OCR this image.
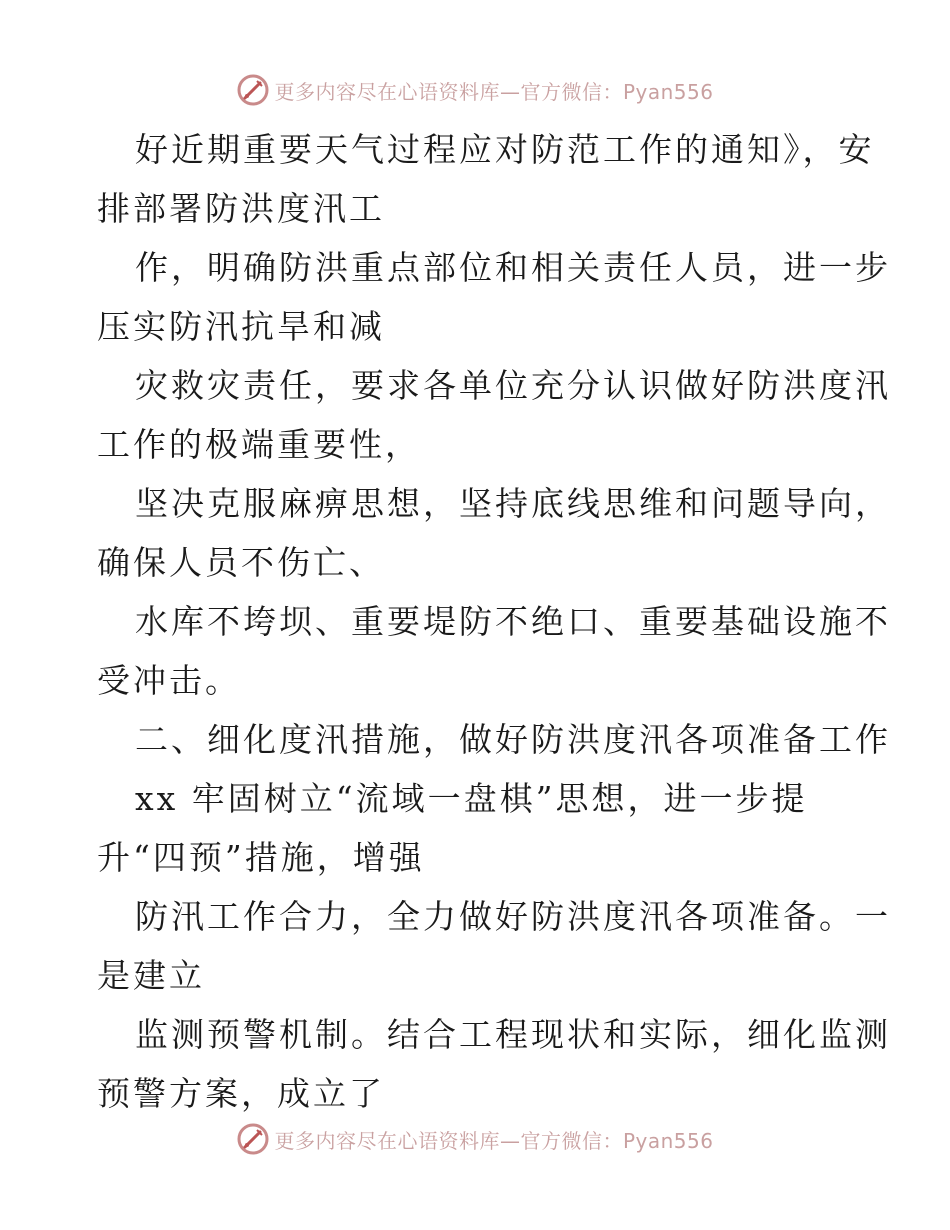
更多内容尽在心语资料库—官方微信：Pyan556
好近期重要天气过程应对防范工作的通知》，安
排部署防洪度汛工
作，明确防洪重点部位和相关责任人员，进一步
压实防汛抗旱和减
灾救灾责任，要求各单位充分认识做好防洪度汛
工作的极端重要性，
坚决克服麻痹思想，坚持底线思维和问题导向，
确保人员不伤亡、
水库不垮坝、重要堤防不绝口、重要基础设施不
受冲击。
二、细化度汛措施，做好防洪度汛各项准备工作
xx 牢固树立“流域一盘棋”思想，进一步提
升“四预”措施，增强
防汛工作合力，全力做好防洪度汛各项准备。一
是建立
监测预警机制。结合工程现状和实际，细化监测
预警方案，成立了
更多内容尽在心语资料库—官方微信：Pyan556
